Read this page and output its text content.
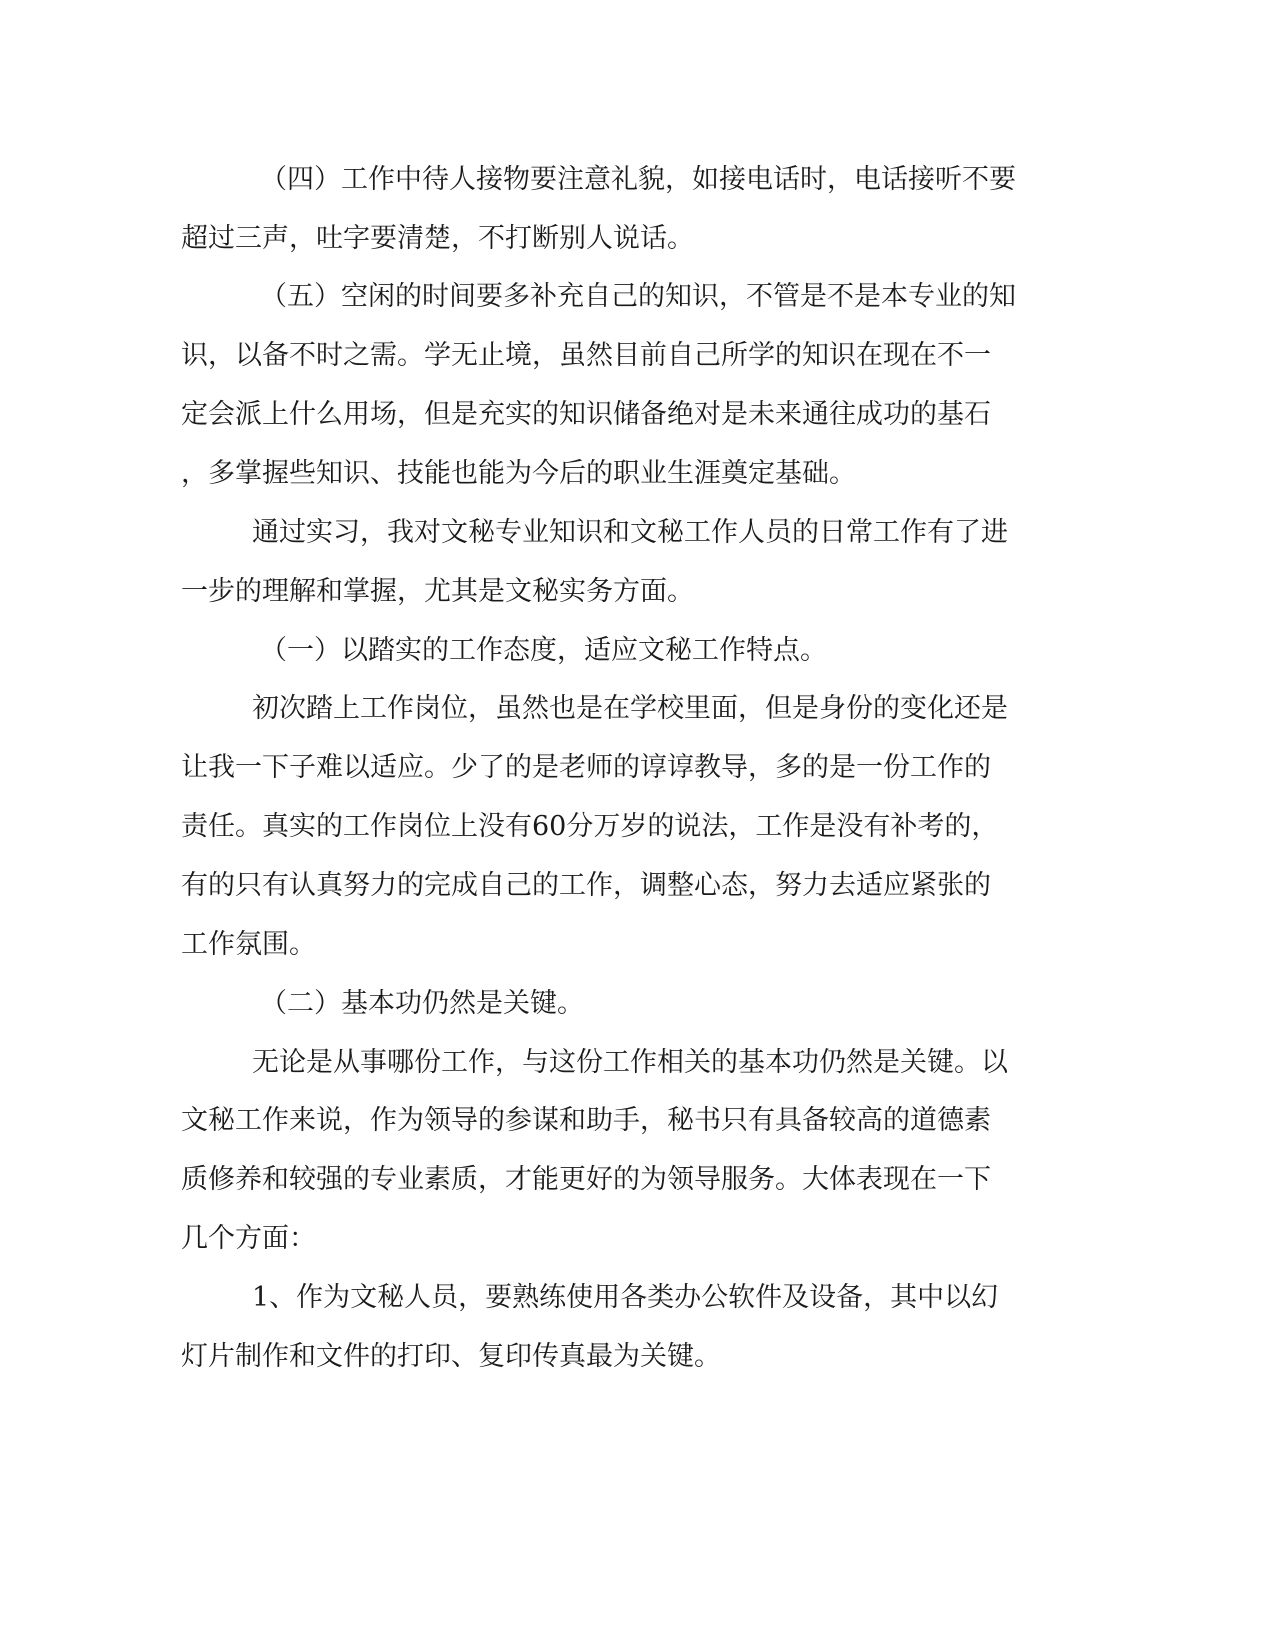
（四）工作中待人接物要注意礼貌，如接电话时，电话接听不要

超过三声，吐字要清楚，不打断别人说话。

（五）空闲的时间要多补充自己的知识，不管是不是本专业的知

识，以备不时之需。学无止境，虽然目前自己所学的知识在现在不一

定会派上什么用场，但是充实的知识储备绝对是未来通往成功的基石

，多掌握些知识、技能也能为今后的职业生涯奠定基础。

通过实习，我对文秘专业知识和文秘工作人员的日常工作有了进

一步的理解和掌握，尤其是文秘实务方面。

（一）以踏实的工作态度，适应文秘工作特点。

初次踏上工作岗位，虽然也是在学校里面，但是身份的变化还是

让我一下子难以适应。少了的是老师的谆谆教导，多的是一份工作的

责任。真实的工作岗位上没有60分万岁的说法，工作是没有补考的，

有的只有认真努力的完成自己的工作，调整心态，努力去适应紧张的

工作氛围。

（二）基本功仍然是关键。

无论是从事哪份工作，与这份工作相关的基本功仍然是关键。以

文秘工作来说，作为领导的参谋和助手，秘书只有具备较高的道德素

质修养和较强的专业素质，才能更好的为领导服务。大体表现在一下

几个方面：

1、作为文秘人员，要熟练使用各类办公软件及设备，其中以幻

灯片制作和文件的打印、复印传真最为关键。
